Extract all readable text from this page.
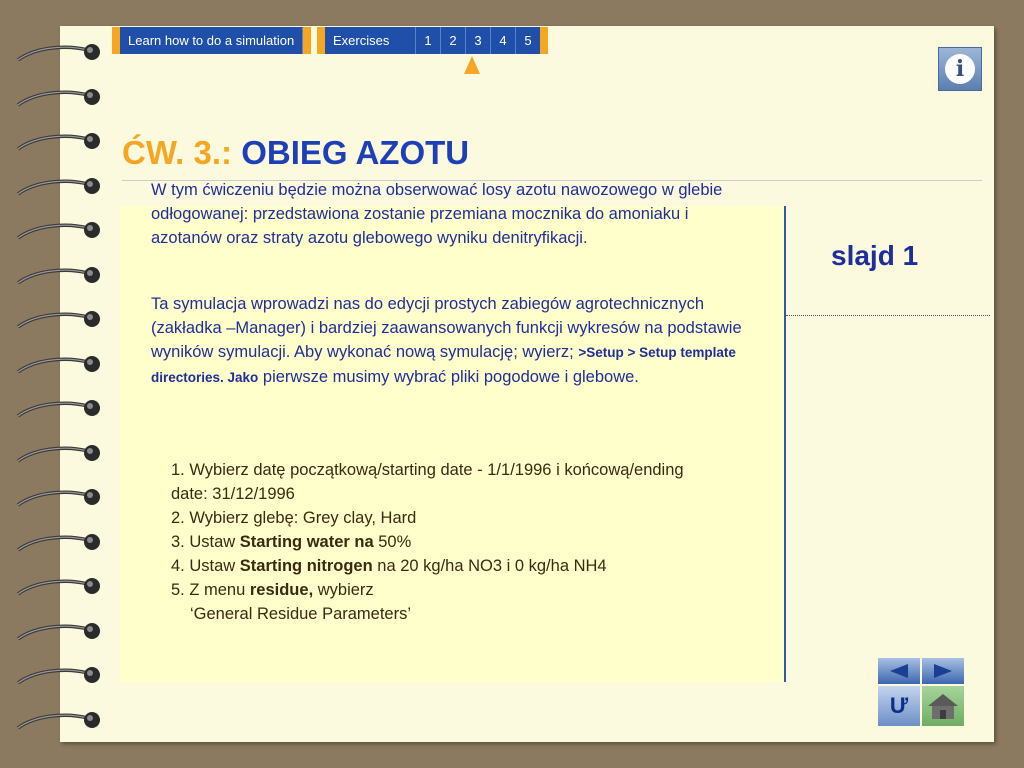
Learn how to do a simulation	Exercises	1	2	3	4	5
i
ĆW. 3.: OBIEG AZOTU
slajd 1
W tym ćwiczeniu będzie można obserwować losy azotu nawozowego w glebie odłogowanej: przedstawiona zostanie przemiana mocznika do amoniaku i azotanów oraz straty azotu glebowego wyniku denitryfikacji.
Ta symulacja wprowadzi nas do edycji prostych zabiegów agrotechnicznych (zakładka –Manager) i bardziej zaawansowanych funkcji wykresów na podstawie wyników symulacji. Aby wykonać nową symulację; wyierz; >Setup > Setup template directories. Jako pierwsze musimy wybrać pliki pogodowe i glebowe.
1. Wybierz datę początkową/starting date - 1/1/1996 i końcową/ending date: 31/12/1996
2. Wybierz glebę: Grey clay, Hard
3. Ustaw Starting water na 50%
4. Ustaw Starting nitrogen na 20 kg/ha NO3 i 0 kg/ha NH4
5. Z menu residue, wybierz
‘General Residue Parameters’
Ư
